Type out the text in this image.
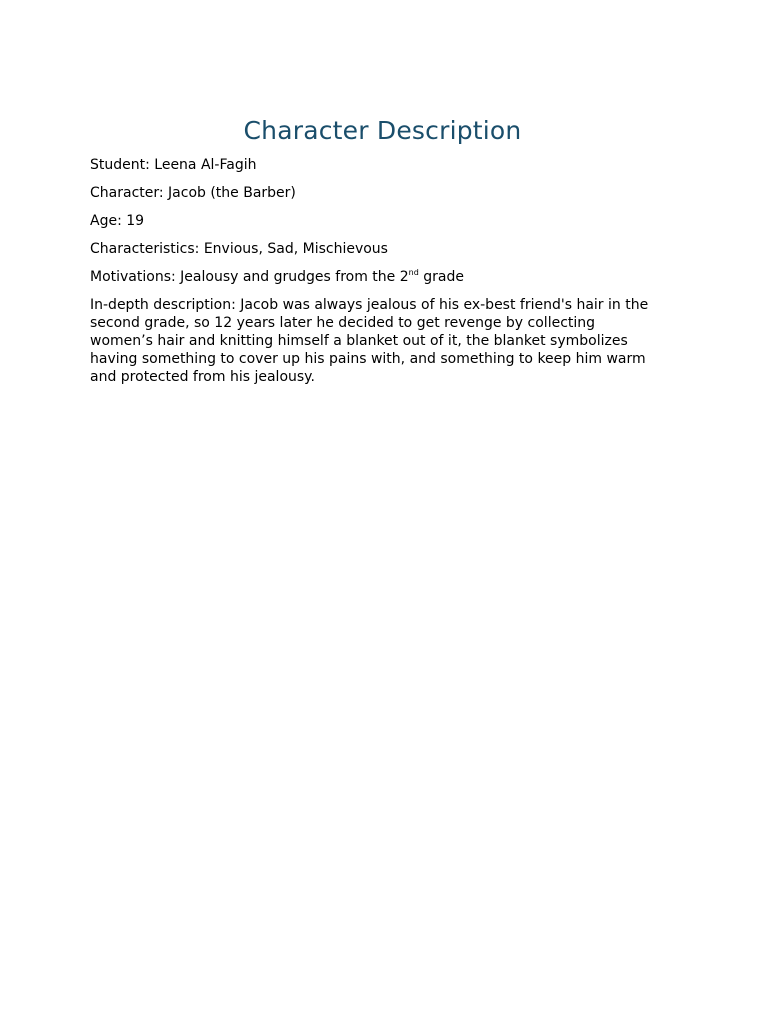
Character Description

Student: Leena Al-Fagih

Character: Jacob (the Barber)

Age: 19

Characteristics: Envious, Sad, Mischievous

Motivations: Jealousy and grudges from the 2nd grade

In-depth description: Jacob was always jealous of his ex-best friend's hair in the second grade, so 12 years later he decided to get revenge by collecting women’s hair and knitting himself a blanket out of it, the blanket symbolizes having something to cover up his pains with, and something to keep him warm and protected from his jealousy.
